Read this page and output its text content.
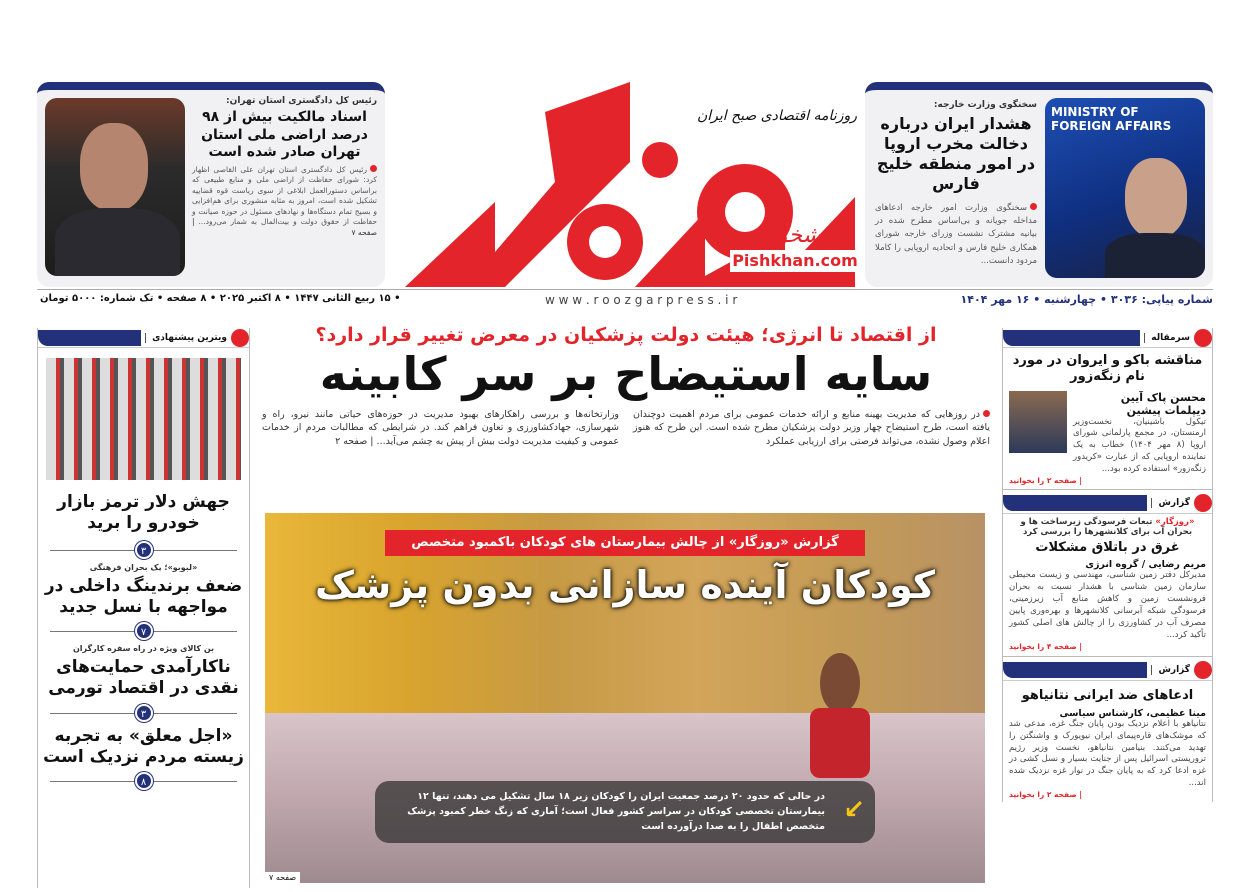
MINISTRY OF FOREIGN AFFAIRS
سخنگوی وزارت خارجه:
هشدار ایران درباره دخالت مخرب اروپا در امور منطقه خلیج فارس
سخنگوی وزارت امور خارجه ادعاهای مداخله جویانه و بی‌اساس مطرح شده در بیانیه مشترک نشست وزرای خارجه شورای همکاری خلیج فارس و اتحادیه اروپایی را کاملا مردود دانست...
رئیس کل دادگستری استان تهران:
اسناد مالکیت بیش از ۹۸ درصد اراضی ملی استان تهران صادر شده است
رئیس کل دادگستری استان تهران علی القاصی اظهار کرد: شورای حفاظت از اراضی ملی و منابع طبیعی که براساس دستورالعمل ابلاغی از سوی ریاست قوه قضاییه تشکیل شده است، امروز به مثابه منشوری برای هم‌افزایی و بسیج تمام دستگاه‌ها و نهادهای مسئول در حوزه صیانت و حفاظت از حقوق دولت و بیت‌المال به شمار می‌رود... | صفحه ۷
روزنامه اقتصادی صبح ایران
پیشخوان
Pishkhan.com
w w w . r o o z g a r p r e s s . i r	شماره پیاپی: ۳۰۳۶ • چهارشنبه • ۱۶ مهر ۱۴۰۴
• ۱۵ ربیع الثانی ۱۴۴۷ • ۸ اکتبر ۲۰۲۵ • ۸ صفحه • تک شماره: ۵۰۰۰ تومان
از اقتصاد تا انرژی؛ هیئت دولت پزشکیان در معرض تغییر قرار دارد؟
سایه استیضاح بر سر کابینه
در روزهایی که مدیریت بهینه منابع و ارائه خدمات عمومی برای مردم اهمیت دوچندان یافته است، طرح استیضاح چهار وزیر دولت پزشکیان مطرح شده است. این طرح که هنوز اعلام وصول نشده، می‌تواند فرصتی برای ارزیابی عملکرد
وزارتخانه‌ها و بررسی راهکارهای بهبود مدیریت در حوزه‌های حیاتی مانند نیرو، راه و شهرسازی، جهادکشاورزی و تعاون فراهم کند. در شرایطی که مطالبات مردم از خدمات عمومی و کیفیت مدیریت دولت بیش از پیش به چشم می‌آید... | صفحه ۲
گزارش «روزگار» از چالش بیمارستان های کودکان باکمبود متخصص
کودکان آینده سازانی بدون پزشک
در حالی که حدود ۲۰ درصد جمعیت ایران را کودکان زیر ۱۸ سال تشکیل می دهند، تنها ۱۲ بیمارستان تخصصی کودکان در سراسر کشور فعال است؛ آماری که زنگ خطر کمبود پزشک متخصص اطفال را به صدا درآورده است
↙
صفحه ۷
ویترین پیشنهادی
جهش دلار ترمز بازار خودرو را برید
۳
«لبوبو»؛ یک بحران فرهنگی
ضعف برندینگ داخلی در مواجهه با نسل جدید
۷
بن کالای ویژه در راه سفره کارگران
ناکارآمدی حمایت‌های نقدی در اقتصاد تورمی
۳
«اجل معلق» به تجربه زیسته مردم نزدیک است
۸
سرمقاله
مناقشه باکو و ایروان در مورد نام زنگه‌زور
محسن پاک آیین
دیپلمات پیشین
تیکول باشینیان، نخست‌وزیر ارمنستان، در مجمع پارلمانی شورای اروپا (۸ مهر ۱۴۰۴) خطاب به یک نماینده اروپایی که از عبارت «کریدور زنگه‌زور» استفاده کرده بود...
| صفحه ۲ را بخوانید
گزارش
«روزگار» تبعات فرسودگی زیرساخت ها و بحران آب برای کلانشهرها را بررسی کرد
غرق در باتلاق مشکلات
مریم رضایی / گروه انرژی
مدیرکل دفتر زمین شناسی، مهندسی و زیست محیطی سازمان زمین شناسی با هشدار نسبت به بحران فرونشست زمین و کاهش منابع آب زیرزمینی، فرسودگی شبکه آبرسانی کلانشهرها و بهره‌وری پایین مصرف آب در کشاورزی را از چالش های اصلی کشور تأکید کرد...
| صفحه ۴ را بخوانید
گزارش
ادعاهای ضد ایرانی نتانیاهو
مینا عظیمی، کارشناس سیاسی
نتانیاهو با اعلام نزدیک بودن پایان جنگ غزه، مدعی شد که موشک‌های قاره‌پیمای ایران نیویورک و واشنگتن را تهدید می‌کنند. بنیامین نتانیاهو، نخست وزیر رژیم تروریستی اسرائیل پس از جنایت بسیار و نسل کشی در غزه ادعا کرد که به پایان جنگ در نوار غزه نزدیک شده اند...
| صفحه ۲ را بخوانید
